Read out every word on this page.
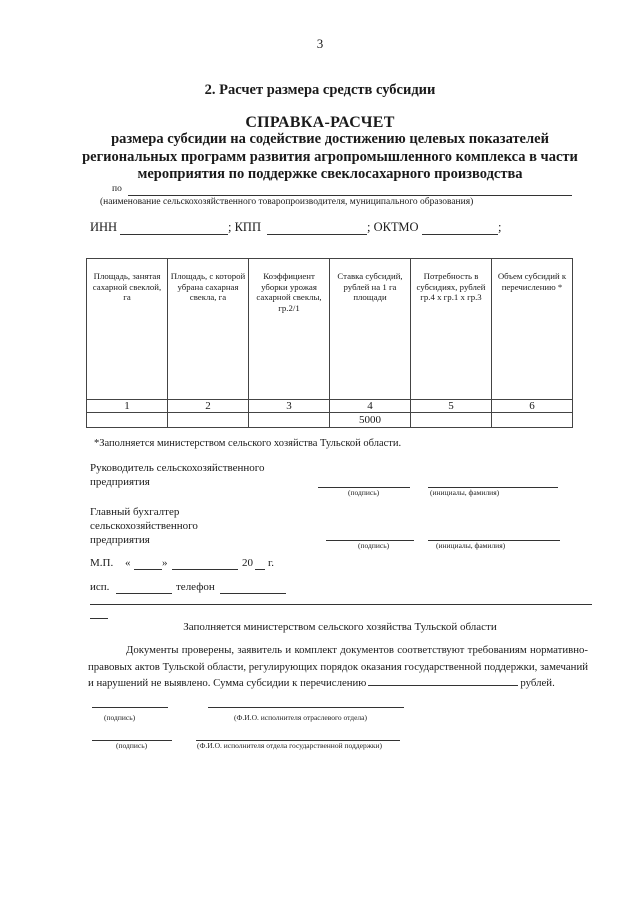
3
2. Расчет размера средств субсидии
СПРАВКА-РАСЧЕТ
размера субсидии на содействие достижению целевых показателей региональных программ развития агропромышленного комплекса в части мероприятия по поддержке свеклосахарного производства
по
(наименование сельскохозяйственного товаропроизводителя, муниципального образования)
ИНН	; КПП	; ОКТМО	;
Площадь, занятая сахарной свеклой, га	Площадь, с которой убрана сахарная свекла, га	Коэффициент уборки урожая сахарной свеклы, гр.2/1	Ставка субсидий, рублей на 1 га площади	Потребность в субсидиях, рублей гр.4 х гр.1 х гр.3	Объем субсидий к перечислению *
1	2	3	4	5	6
			5000		
*Заполняется министерством сельского хозяйства Тульской области.
Руководитель сельскохозяйственного
предприятия
(подпись)	(инициалы, фамилия)
Главный бухгалтер
сельскохозяйственного
предприятия	(подпись)	(инициалы, фамилия)
М.П. «	»	20 г.
исп.	телефон
Заполняется министерством сельского хозяйства Тульской области
Документы проверены, заявитель и комплект документов соответствуют требованиям нормативно-правовых актов Тульской области, регулирующих порядок оказания государственной поддержки, замечаний и нарушений не выявлено. Сумма субсидии к перечислению	рублей.
(подпись)	(Ф.И.О. исполнителя отраслевого отдела)
(подпись)	(Ф.И.О. исполнителя отдела государственной поддержки)
